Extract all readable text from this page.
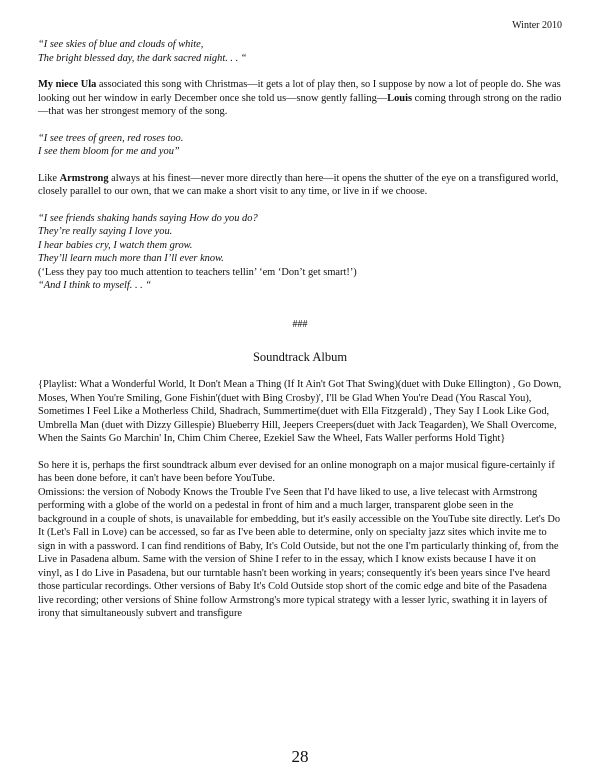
Winter 2010
“I see skies of blue and clouds of white,
The bright blessed day, the dark sacred night. . . “

My niece Ula associated this song with Christmas—it gets a lot of play then, so I suppose by now a lot of people do. She was looking out her window in early December once she told us—snow gently falling—Louis coming through strong on the radio—that was her strongest memory of the song.

“I see trees of green, red roses too.
I see them bloom for me and you”

Like Armstrong always at his finest—never more directly than here—it opens the shutter of the eye on a transfigured world, closely parallel to our own, that we can make a short visit to any time, or live in if we choose.

“I see friends shaking hands saying How do you do?
They’re really saying I love you.
I hear babies cry, I watch them grow.
They’ll learn much more than I’ll ever know.
(‘Less they pay too much attention to teachers tellin’ ‘em ‘Don’t get smart!’)
“And I think to myself. . . “
###
Soundtrack Album

{Playlist: What a Wonderful World, It Don't Mean a Thing (If It Ain't Got That Swing)(duet with Duke Ellington) , Go Down, Moses, When You're Smiling, Gone Fishin'(duet with Bing Crosby)', I'll be Glad When You're Dead (You Rascal You), Sometimes I Feel Like a Motherless Child, Shadrach, Summertime(duet with Ella Fitzgerald) , They Say I Look Like God, Umbrella Man (duet with Dizzy Gillespie) Blueberry Hill, Jeepers Creepers(duet with Jack Teagarden), We Shall Overcome, When the Saints Go Marchin' In, Chim Chim Cheree, Ezekiel Saw the Wheel, Fats Waller performs Hold Tight}

So here it is, perhaps the first soundtrack album ever devised for an online monograph on a major musical figure-certainly if has been done before, it can't have been before YouTube.

Omissions: the version of Nobody Knows the Trouble I've Seen that I'd have liked to use, a live telecast with Armstrong performing with a globe of the world on a pedestal in front of him and a much larger, transparent globe seen in the background in a couple of shots, is unavailable for embedding, but it's easily accessible on the YouTube site directly. Let's Do It (Let's Fall in Love) can be accessed, so far as I've been able to determine, only on specialty jazz sites which invite me to sign in with a password. I can find renditions of Baby, It's Cold Outside, but not the one I'm particularly thinking of, from the Live in Pasadena album. Same with the version of Shine I refer to in the essay, which I know exists because I have it on vinyl, as I do Live in Pasadena, but our turntable hasn't been working in years; consequently it's been years since I've heard those particular recordings. Other versions of Baby It's Cold Outside stop short of the comic edge and bite of the Pasadena live recording; other versions of Shine follow Armstrong's more typical strategy with a lesser lyric, swathing it in layers of irony that simultaneously subvert and transfigure

28
